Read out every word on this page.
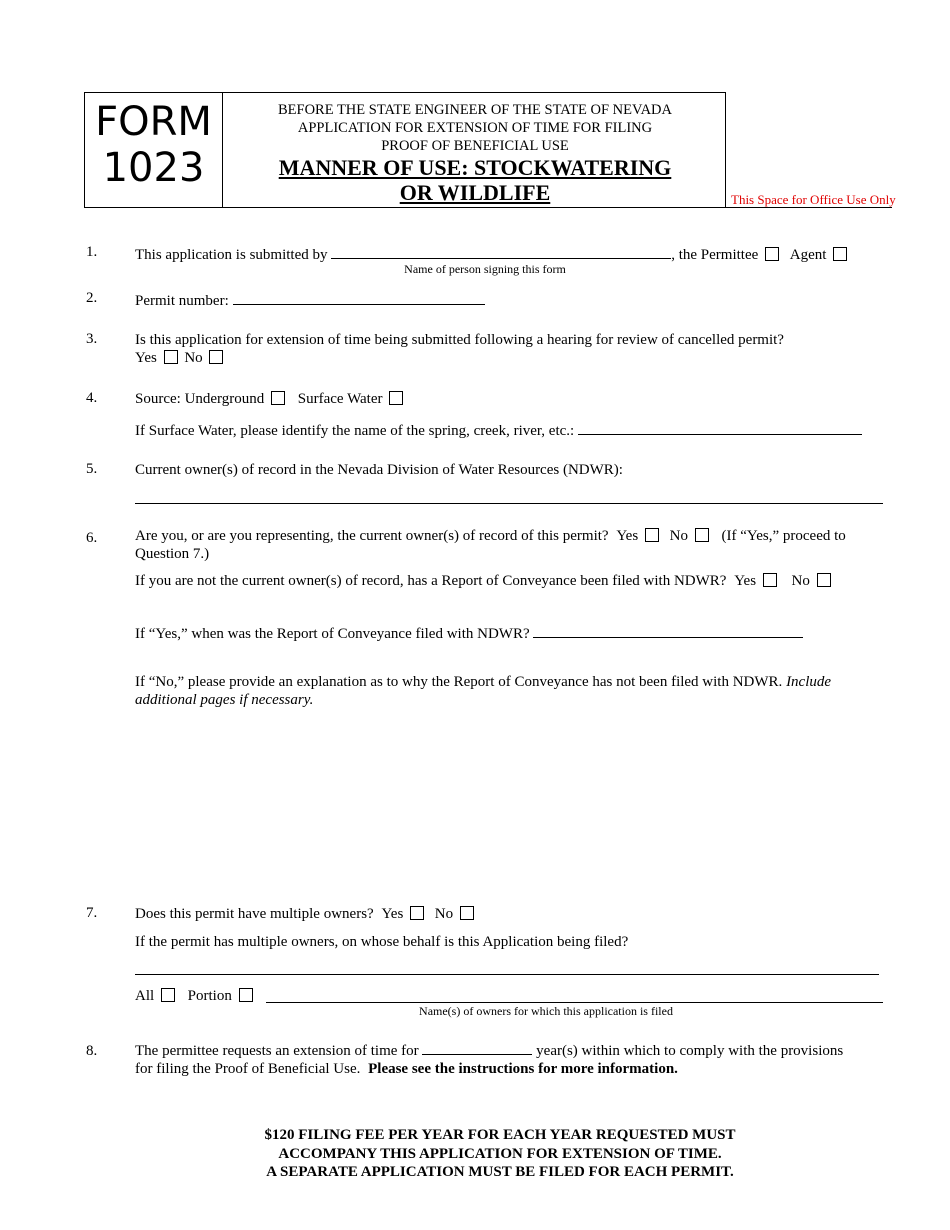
FORM
1023
BEFORE THE STATE ENGINEER OF THE STATE OF NEVADA
APPLICATION FOR EXTENSION OF TIME FOR FILING
PROOF OF BENEFICIAL USE
MANNER OF USE: STOCKWATERING
OR WILDLIFE	This Space for Office Use Only
1.	This application is submitted by	, the Permittee Agent
Name of person signing this form
2.	Permit number:
3.	Is this application for extension of time being submitted following a hearing for review of cancelled permit?
Yes No
4.	Source: Underground Surface Water
If Surface Water, please identify the name of the spring, creek, river, etc.:
5.	Current owner(s) of record in the Nevada Division of Water Resources (NDWR):
6.	Are you, or are you representing, the current owner(s) of record of this permit? Yes No (If “Yes,” proceed to
Question 7.)
If you are not the current owner(s) of record, has a Report of Conveyance been filed with NDWR? Yes No
If “Yes,” when was the Report of Conveyance filed with NDWR?
If “No,” please provide an explanation as to why the Report of Conveyance has not been filed with NDWR. Include additional pages if necessary.
7.	Does this permit have multiple owners? Yes No
If the permit has multiple owners, on whose behalf is this Application being filed?
All Portion
Name(s) of owners for which this application is filed
8.	The permittee requests an extension of time for	year(s) within which to comply with the provisions
for filing the Proof of Beneficial Use. Please see the instructions for more information.
$120 FILING FEE PER YEAR FOR EACH YEAR REQUESTED MUST
ACCOMPANY THIS APPLICATION FOR EXTENSION OF TIME.
A SEPARATE APPLICATION MUST BE FILED FOR EACH PERMIT.
